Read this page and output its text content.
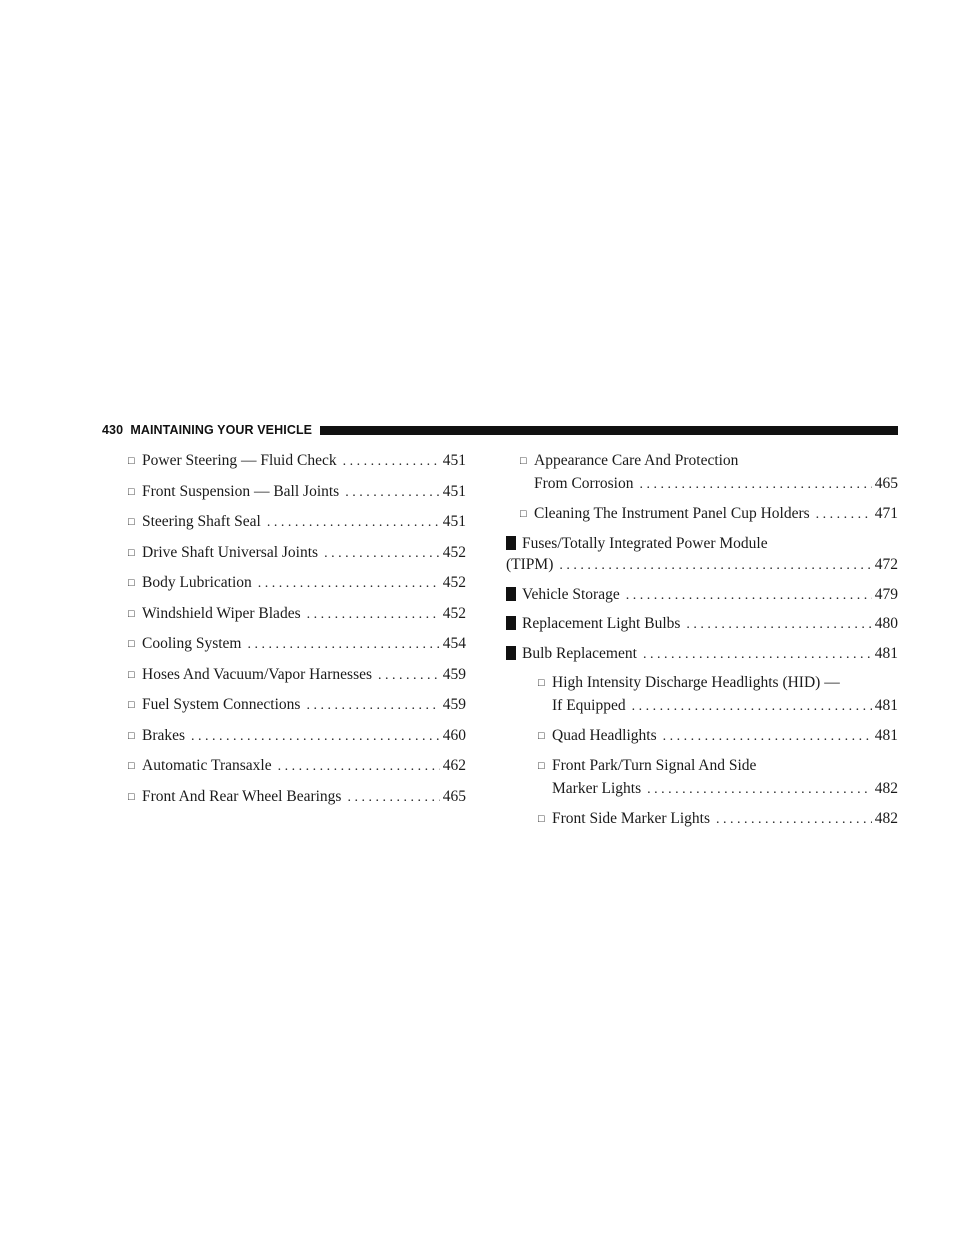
430 MAINTAINING YOUR VEHICLE
□ Power Steering — Fluid Check . . .	451
□ Front Suspension — Ball Joints . . .	451
□ Steering Shaft Seal . . .	451
□ Drive Shaft Universal Joints . . .	452
□ Body Lubrication . . .	452
□ Windshield Wiper Blades . . .	452
□ Cooling System . . .	454
□ Hoses And Vacuum/Vapor Harnesses . . .	459
□ Fuel System Connections . . .	459
□ Brakes . . .	460
□ Automatic Transaxle . . .	462
□ Front And Rear Wheel Bearings . . .	465
□ Appearance Care And Protection
From Corrosion . . .	465
□ Cleaning The Instrument Panel Cup Holders . . .	471
Fuses/Totally Integrated Power Module
(TIPM) . . .	472
Vehicle Storage . . .	479
Replacement Light Bulbs . . .	480
Bulb Replacement . . .	481
□ High Intensity Discharge Headlights (HID) —
If Equipped . . .	481
□ Quad Headlights . . .	481
□ Front Park/Turn Signal And Side
Marker Lights . . .	482
□ Front Side Marker Lights . . .	482
